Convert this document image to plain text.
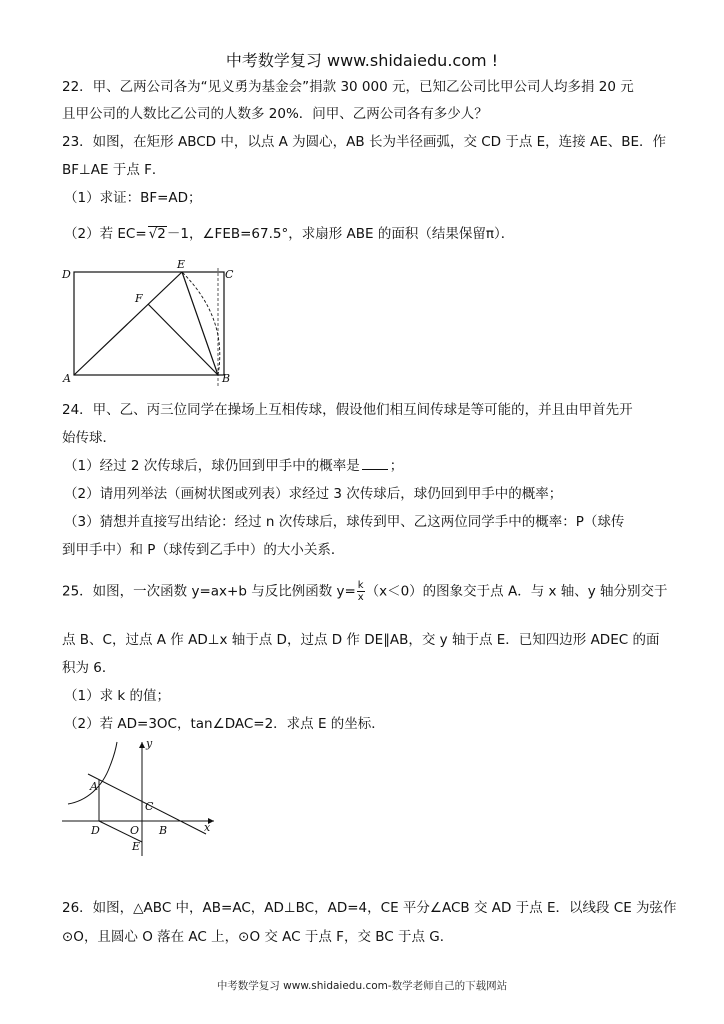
中考数学复习 www.shidaiedu.com !
22．甲、乙两公司各为“见义勇为基金会”捐款 30 000 元，已知乙公司比甲公司人均多捐 20 元
且甲公司的人数比乙公司的人数多 20%．问甲、乙两公司各有多少人？
23．如图，在矩形 ABCD 中，以点 A 为圆心，AB 长为半径画弧，交 CD 于点 E，连接 AE、BE．作
BF⊥AE 于点 F．
（1）求证：BF=AD；
（2）若 EC= √2－1，∠FEB=67.5°，求扇形 ABE 的面积（结果保留π）．
D
E
C
F
A	B
24．甲、乙、丙三位同学在操场上互相传球，假设他们相互间传球是等可能的，并且由甲首先开
始传球．
（1）经过 2 次传球后，球仍回到甲手中的概率是 ；
（2）请用列举法（画树状图或列表）求经过 3 次传球后，球仍回到甲手中的概率；
（3）猜想并直接写出结论：经过 n 次传球后，球传到甲、乙这两位同学手中的概率：P（球传
到甲手中）和 P（球传到乙手中）的大小关系．
25．如图，一次函数 y=ax+b 与反比例函数 $y= \frac{k}{x} (x<0)$的图象交于点 A．与 x 轴、y 轴分别交于
点 B、C，过点 A 作 AD⊥x 轴于点 D，过点 D 作 DE∥AB，交 y 轴于点 E．已知四边形 ADEC 的面
积为 6．
（1）求 k 的值；
（2）若 AD=3OC，tan∠DAC=2．求点 E 的坐标．
y
x
A
C
D	O B
E
26．如图，△ABC 中，AB=AC，AD⊥BC，AD=4，CE 平分∠ACB 交 AD 于点 E．以线段 CE 为弦作
⊙O，且圆心 O 落在 AC 上，⊙O 交 AC 于点 F，交 BC 于点 G．
中考数学复习 www.shidaiedu.com-数学老师自己的下载网站
